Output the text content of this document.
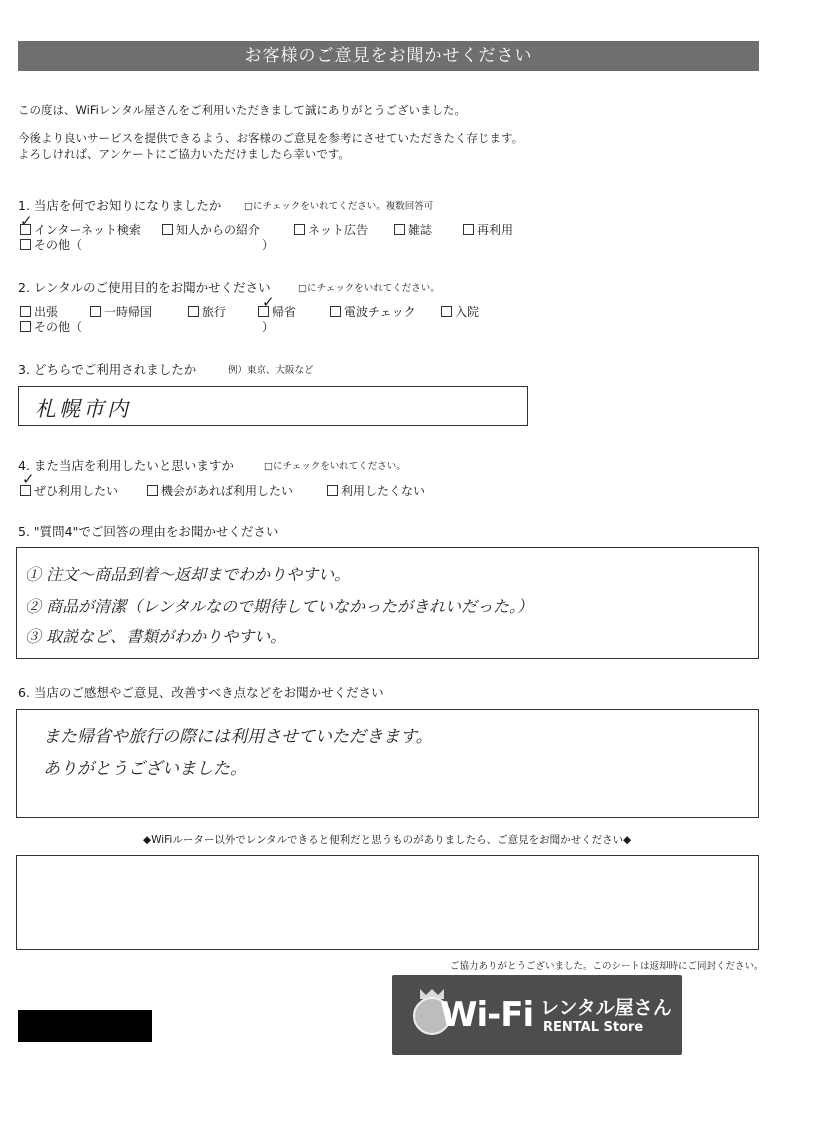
お客様のご意見をお聞かせください
この度は、WiFiレンタル屋さんをご利用いただきまして誠にありがとうございました。
今後より良いサービスを提供できるよう、お客様のご意見を参考にさせていただきたく存じます。
よろしければ、アンケートにご協力いただけましたら幸いです。
1. 当店を何でお知りになりましたか □にチェックをいれてください。複数回答可
インターネット検索
✓	知人からの紹介	ネット広告	雑誌	再利用
その他（	）
2. レンタルのご使用目的をお聞かせください	□にチェックをいれてください。
出張	一時帰国	旅行	帰省
✓
電波チェック	入院
その他（	）
3. どちらでご利用されましたか	例）東京、大阪など
札幌市内
4. また当店を利用したいと思いますか	□にチェックをいれてください。
ぜひ利用したい
✓
機会があれば利用したい	利用したくない
5. "質問4"でご回答の理由をお聞かせください
① 注文〜商品到着〜返却までわかりやすい。
② 商品が清潔（レンタルなので期待していなかったがきれいだった。）
③ 取説など、書類がわかりやすい。
6. 当店のご感想やご意見、改善すべき点などをお聞かせください
また帰省や旅行の際には利用させていただきます。
ありがとうございました。
◆WiFiルーター以外でレンタルできると便利だと思うものがありましたら、ご意見をお聞かせください◆
ご協力ありがとうございました。このシートは返却時にご同封ください。
Wi-Fi レンタル屋さん
RENTAL Store
